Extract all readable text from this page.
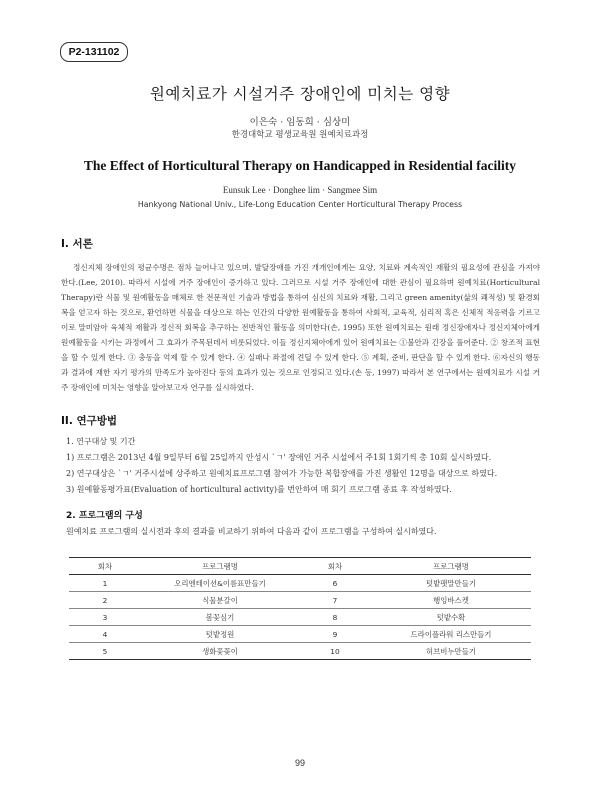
P2-131102
원예치료가 시설거주 장애인에 미치는 영향
이은숙 · 임동희 · 심상미
한경대학교 평생교육원 원예치료과정
The Effect of Horticultural Therapy on Handicapped in Residential facility
Eunsuk Lee · Donghee lim · Sangmee Sim
Hankyong National Univ., Life-Long Education Center Horticultural Therapy Process
I. 서론

정신지체 장애인의 평균수명은 점차 늘어나고 있으며, 발달장애를 가진 개개인에게는 요양, 치료와 계속적인 재활의 필요성에 관심을 가져야 한다.(Lee, 2010). 따라서 시설에 거주 장애인이 증가하고 있다. 그러므로 시설 거주 장애인에 대한 관심이 필요하며 원예치료(Horticultural Therapy)란 식물 및 원예활동을 매체로 한 전문적인 기술과 방법을 통하여 심신의 치료와 재활, 그리고 green amenity(삶의 쾌적성) 및 환경회복을 얻고자 하는 것으로, 환언하면 식물을 대상으로 하는 인간의 다양한 원예활동을 통하여 사회적, 교육적, 심리적 혹은 신체적 적응력을 기르고 이로 말미암아 육체적 재활과 정신적 회복을 추구하는 전반적인 활동을 의미한다(손, 1995) 또한 원예치료는 원래 정신장애자나 정신지체아에게 원예활동을 시키는 과정에서 그 효과가 주목된데서 비롯되었다. 이들 정신지체아에게 있어 원예치료는 ①불안과 긴장을 풀어준다. ② 창조적 표현을 할 수 있게 한다. ③ 충동을 억제 할 수 있게 한다. ④ 실패나 좌절에 견딜 수 있게 한다. ⑤ 계획, 준비, 판단을 할 수 있게 한다. ⑥자신의 행동과 결과에 재한 자기 평가의 만족도가 높아진다 등의 효과가 있는 것으로 인정되고 있다.(손 등, 1997) 따라서 본 연구에서는 원예치료가 시설 거주 장애인에 미치는 영향을 알아보고자 연구를 실시하였다.

II. 연구방법
1. 연구대상 및 기간
1) 프로그램은 2013년 4월 9일부터 6월 25일까지 안성시 `ㄱ' 장애인 거주 시설에서 주1회 1회기씩 총 10회 실시하였다.
2) 연구대상은 `ㄱ' 거주시설에 상주하고 원예치료프로그램 참여가 가능한 복합장애를 가진 생활인 12명을 대상으로 하였다.
3) 원예활동평가표(Evaluation of horticultural activity)를 번안하여 매 회기 프로그램 종료 후 작성하였다.
2. 프로그램의 구성
원예치료 프로그램의 실시전과 후의 결과를 비교하기 위하여 다음과 같이 프로그램을 구성하여 실시하였다.
회차	프로그램명	회차	프로그램명
1	오리엔테이션&이름표만들기	6	텃밭팻말만들기
2	식물분갈이	7	행잉바스켓
3	봄꽃심기	8	텃밭수확
4	텃밭정원	9	드라이플라워 리스만들기
5	생화꽃꽂이	10	허브비누만들기
99
